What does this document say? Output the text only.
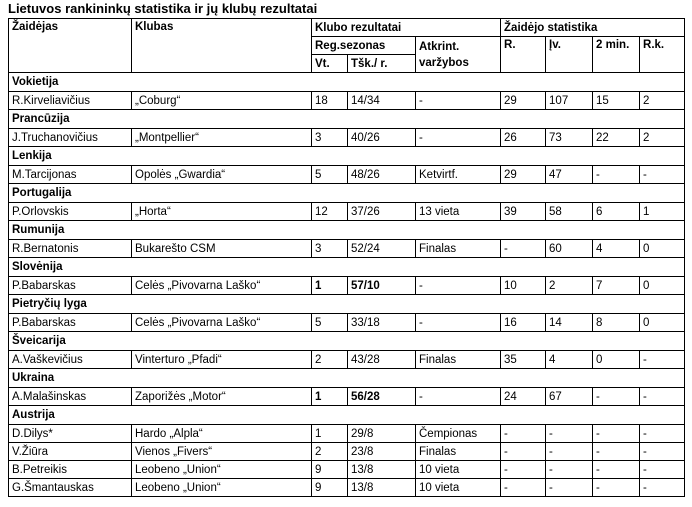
Lietuvos rankininkų statistika ir jų klubų rezultatai
Žaidėjas	Klubas	Klubo rezultatai			Žaidėjo statistika			
		Reg.sezonas		Atkrint. varžybos	R.	Įv.	2 min.	R.k.
		Vt.	Tšk./ r.					
Vokietija								
R.Kirveliavičius	„Coburg“	18	14/34	-	29	107	15	2
Prancūzija								
J.Truchanovičius	„Montpellier“	3	40/26	-	26	73	22	2
Lenkija								
M.Tarcijonas	Opolės „Gwardia“	5	48/26	Ketvirtf.	29	47	-	-
Portugalija								
P.Orlovskis	„Horta“	12	37/26	13 vieta	39	58	6	1
Rumunija								
R.Bernatonis	Bukarešto CSM	3	52/24	Finalas	-	60	4	0
Slovėnija								
P.Babarskas	Celės „Pivovarna Laško“	1	57/10	-	10	2	7	0
Pietryčių lyga								
P.Babarskas	Celės „Pivovarna Laško“	5	33/18	-	16	14	8	0
Šveicarija								
A.Vaškevičius	Vinterturo „Pfadi“	2	43/28	Finalas	35	4	0	-
Ukraina								
A.Malašinskas	Zaporižės „Motor“	1	56/28	-	24	67	-	-
Austrija								
D.Dilys*	Hardo „Alpla“	1	29/8	Čempionas	-	-	-	-
V.Žiūra	Vienos „Fivers“	2	23/8	Finalas	-	-	-	-
B.Petreikis	Leobeno „Union“	9	13/8	10 vieta	-	-	-	-
G.Šmantauskas	Leobeno „Union“	9	13/8	10 vieta	-	-	-	-
